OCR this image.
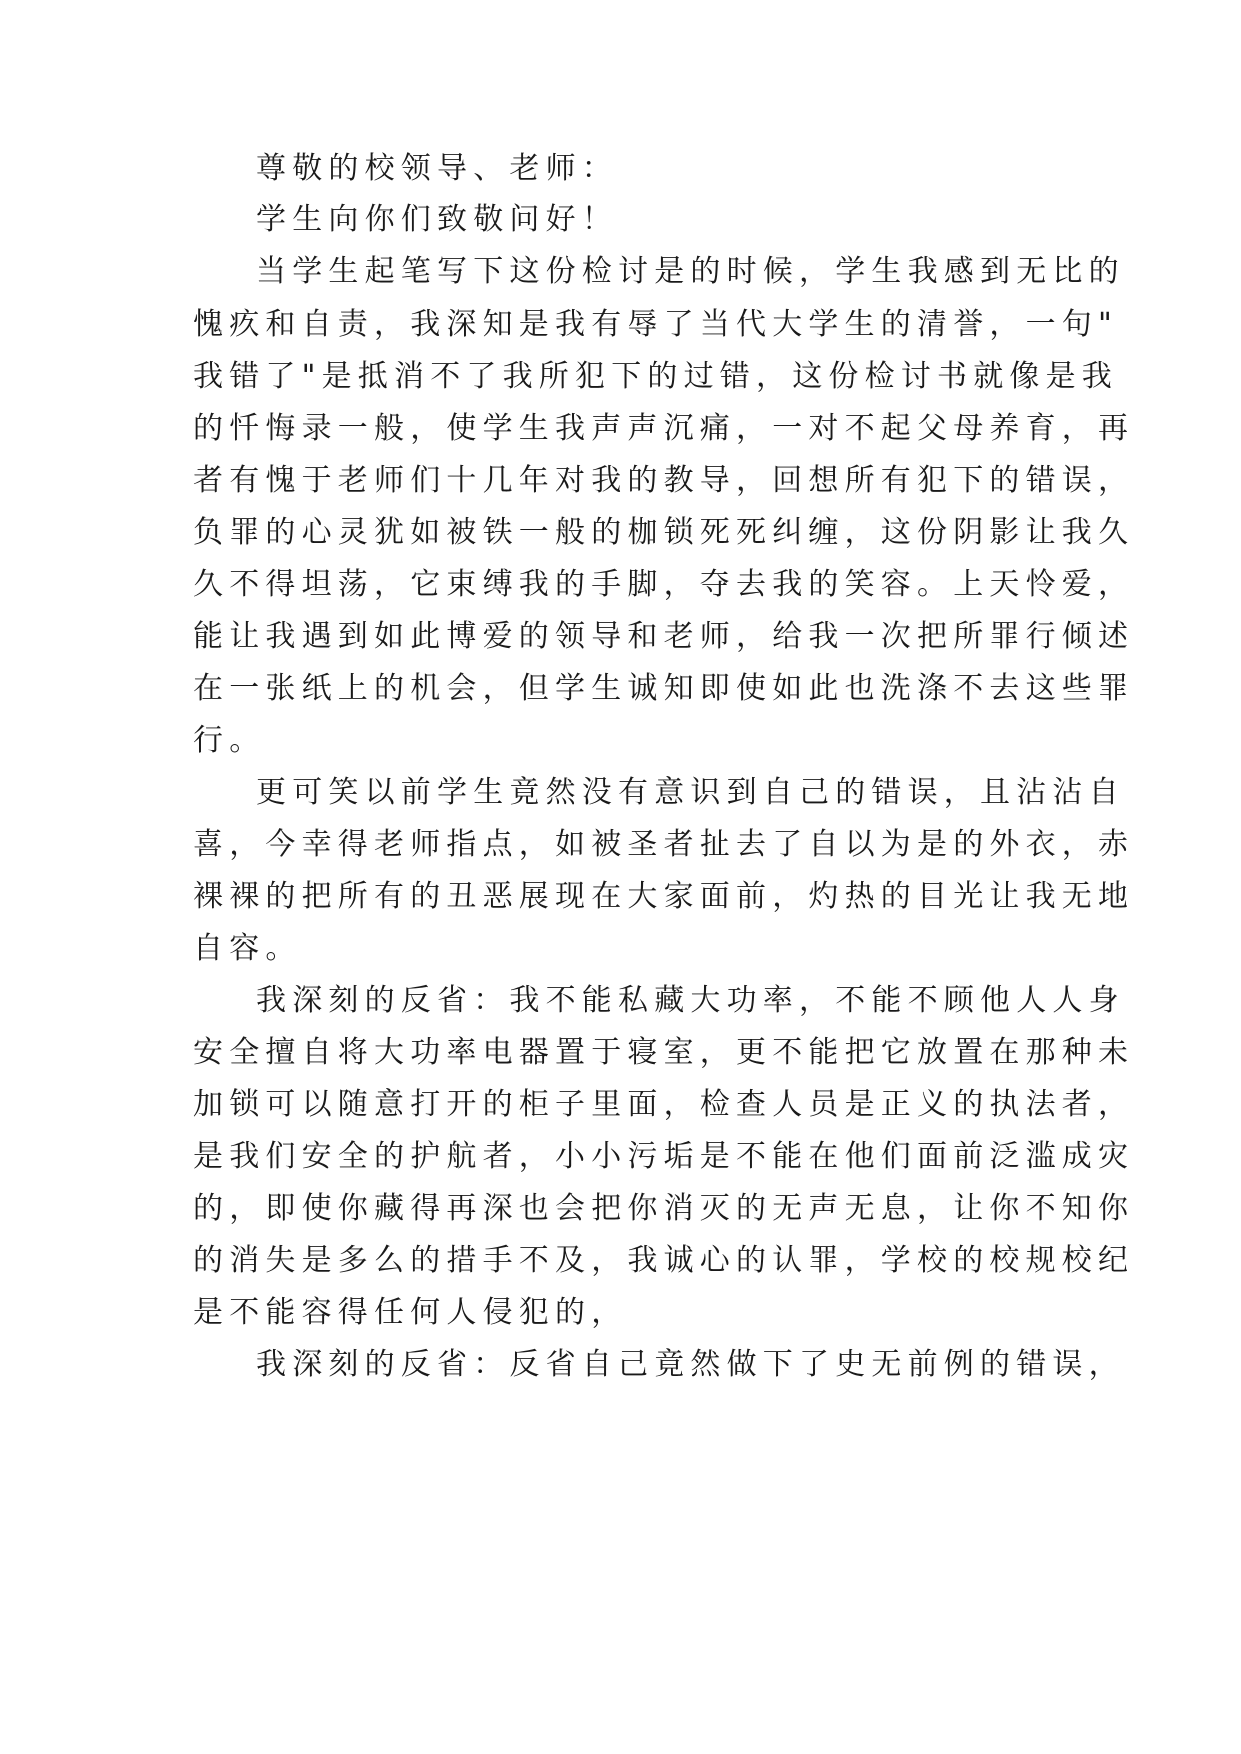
尊敬的校领导、老师：

学生向你们致敬问好！

当学生起笔写下这份检讨是的时候，学生我感到无比的

愧疚和自责，我深知是我有辱了当代大学生的清誉，一句"

我错了"是抵消不了我所犯下的过错，这份检讨书就像是我

的忏悔录一般，使学生我声声沉痛，一对不起父母养育，再

者有愧于老师们十几年对我的教导，回想所有犯下的错误，

负罪的心灵犹如被铁一般的枷锁死死纠缠，这份阴影让我久

久不得坦荡，它束缚我的手脚，夺去我的笑容。上天怜爱，

能让我遇到如此博爱的领导和老师，给我一次把所罪行倾述

在一张纸上的机会，但学生诚知即使如此也洗涤不去这些罪

行。

更可笑以前学生竟然没有意识到自己的错误，且沾沾自

喜，今幸得老师指点，如被圣者扯去了自以为是的外衣，赤

裸裸的把所有的丑恶展现在大家面前，灼热的目光让我无地

自容。

我深刻的反省：我不能私藏大功率，不能不顾他人人身

安全擅自将大功率电器置于寝室，更不能把它放置在那种未

加锁可以随意打开的柜子里面，检查人员是正义的执法者，

是我们安全的护航者，小小污垢是不能在他们面前泛滥成灾

的，即使你藏得再深也会把你消灭的无声无息，让你不知你

的消失是多么的措手不及，我诚心的认罪，学校的校规校纪

是不能容得任何人侵犯的，

我深刻的反省：反省自己竟然做下了史无前例的错误，
